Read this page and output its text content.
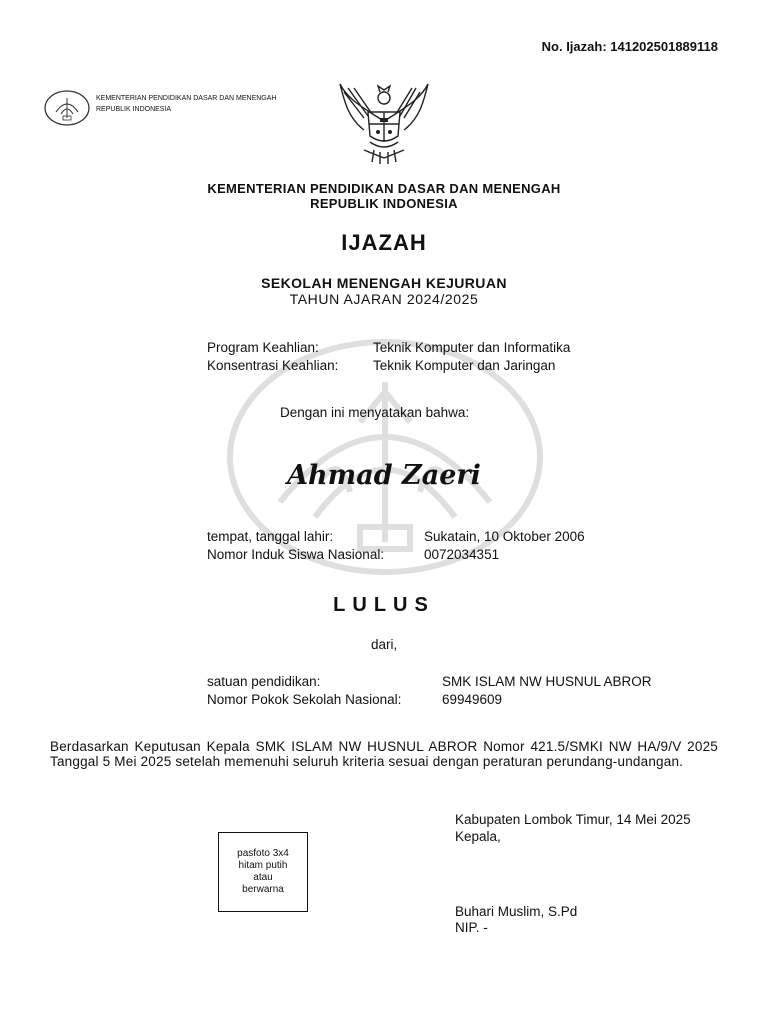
No. Ijazah: 141202501889118
KEMENTERIAN PENDIDIKAN DASAR DAN MENENGAH
REPUBLIK INDONESIA
KEMENTERIAN PENDIDIKAN DASAR DAN MENENGAH
REPUBLIK INDONESIA
IJAZAH
SEKOLAH MENENGAH KEJURUAN
TAHUN AJARAN 2024/2025
Program Keahlian:	Teknik Komputer dan Informatika
Konsentrasi Keahlian:	Teknik Komputer dan Jaringan
Dengan ini menyatakan bahwa:
Ahmad Zaeri
tempat, tanggal lahir:	Sukatain, 10 Oktober 2006
Nomor Induk Siswa Nasional:	0072034351
LULUS
dari,
satuan pendidikan:	SMK ISLAM NW HUSNUL ABROR
Nomor Pokok Sekolah Nasional:	69949609
Berdasarkan Keputusan Kepala SMK ISLAM NW HUSNUL ABROR Nomor 421.5/SMKI NW HA/9/V 2025 Tanggal 5 Mei 2025 setelah memenuhi seluruh kriteria sesuai dengan peraturan perundang-undangan.
Kabupaten Lombok Timur, 14 Mei 2025
Kepala,
Buhari Muslim, S.Pd
NIP. -
pasfoto 3x4
hitam putih
atau
berwarna
